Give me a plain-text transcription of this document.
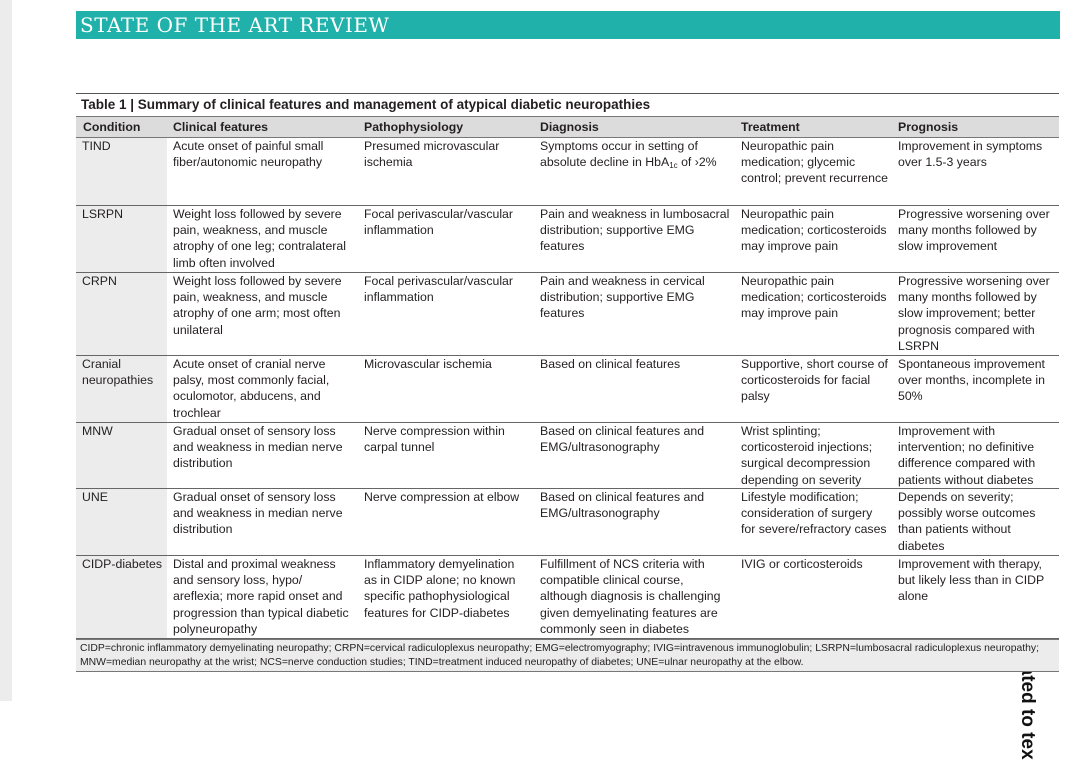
STATE OF THE ART REVIEW
Table 1 | Summary of clinical features and management of atypical diabetic neuropathies
Condition	Clinical features	Pathophysiology	Diagnosis	Treatment	Prognosis
TIND	Acute onset of painful small fiber/autonomic neuropathy	Presumed microvascular ischemia	Symptoms occur in setting of absolute decline in HbA$_{1c}$ of ›2%	Neuropathic pain medication; glycemic control; prevent recurrence	Improvement in symptoms over 1.5-3 years
LSRPN	Weight loss followed by severe pain, weakness, and muscle atrophy of one leg; contralateral limb often involved	Focal perivascular/vascular inflammation	Pain and weakness in lumbosacral distribution; supportive EMG features	Neuropathic pain medication; corticosteroids may improve pain	Progressive worsening over many months followed by slow improvement
CRPN	Weight loss followed by severe pain, weakness, and muscle atrophy of one arm; most often unilateral	Focal perivascular/vascular inflammation	Pain and weakness in cervical distribution; supportive EMG features	Neuropathic pain medication; corticosteroids may improve pain	Progressive worsening over many months followed by slow improvement; better prognosis compared with LSRPN
Cranial neuropathies	Acute onset of cranial nerve palsy, most commonly facial, oculomotor, abducens, and trochlear	Microvascular ischemia	Based on clinical features	Supportive, short course of corticosteroids for facial palsy	Spontaneous improvement over months, incomplete in 50%
MNW	Gradual onset of sensory loss and weakness in median nerve distribution	Nerve compression within carpal tunnel	Based on clinical features and EMG/ultrasonography	Wrist splinting; corticosteroid injections; surgical decompression depending on severity	Improvement with intervention; no definitive difference compared with patients without diabetes
UNE	Gradual onset of sensory loss and weakness in median nerve distribution	Nerve compression at elbow	Based on clinical features and EMG/ultrasonography	Lifestyle modification; consideration of surgery for severe/refractory cases	Depends on severity; possibly worse outcomes than patients without diabetes
CIDP-diabetes	Distal and proximal weakness and sensory loss, hypo/ areflexia; more rapid onset and progression than typical diabetic polyneuropathy	Inflammatory demyelination as in CIDP alone; no known specific pathophysiological features for CIDP-diabetes	Fulfillment of NCS criteria with compatible clinical course, although diagnosis is challenging given demyelinating features are commonly seen in diabetes	IVIG or corticosteroids	Improvement with therapy, but likely less than in CIDP alone
CIDP=chronic inflammatory demyelinating neuropathy; CRPN=cervical radiculoplexus neuropathy; EMG=electromyography; IVIG=intravenous immunoglobulin; LSRPN=lumbosacral radiculoplexus neuropathy; MNW=median neuropathy at the wrist; NCS=nerve conduction studies; TIND=treatment induced neuropathy of diabetes; UNE=ulnar neuropathy at the elbow.
